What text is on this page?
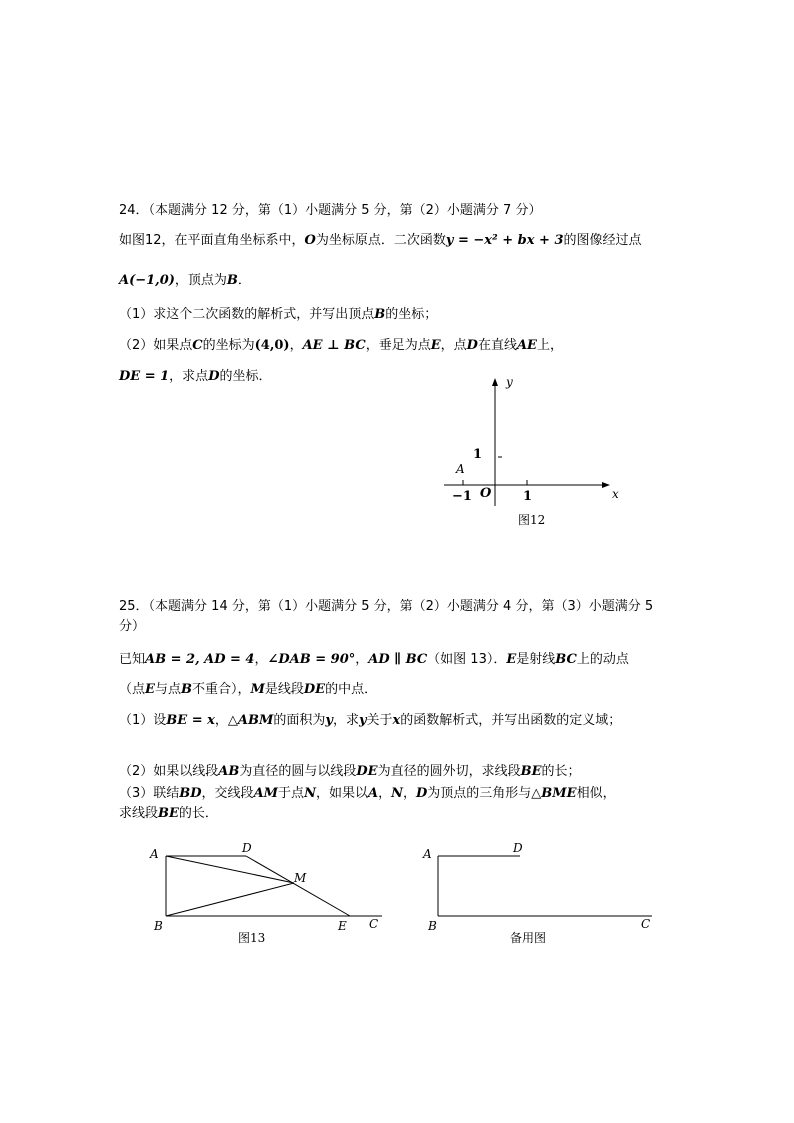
24．（本题满分 12 分，第（1）小题满分 5 分，第（2）小题满分 7 分）
如图12，在平面直角坐标系中，O为坐标原点．二次函数y = −x² + bx + 3的图像经过点
A(−1,0)，顶点为B．
（1）求这个二次函数的解析式，并写出顶点B的坐标；
（2）如果点C的坐标为(4,0)，AE ⊥ BC，垂足为点E，点D在直线AE上，
DE = 1，求点D的坐标．	y
x
1
A
−1 O 1
图12
25．（本题满分 14 分，第（1）小题满分 5 分，第（2）小题满分 4 分，第（3）小题满分 5
分）
已知AB = 2, AD = 4，∠DAB = 90°，AD ∥ BC（如图 13）．E是射线BC上的动点
（点E与点B不重合），M是线段DE的中点．
（1）设BE = x，△ABM的面积为y，求y关于x的函数解析式，并写出函数的定义域；
（2）如果以线段AB为直径的圆与以线段DE为直径的圆外切，求线段BE的长；
（3）联结BD，交线段AM于点N，如果以A，N，D为顶点的三角形与△BME相似，
求线段BE的长．
A	D
M
B	E C
图13
A	D
B	C
备用图
